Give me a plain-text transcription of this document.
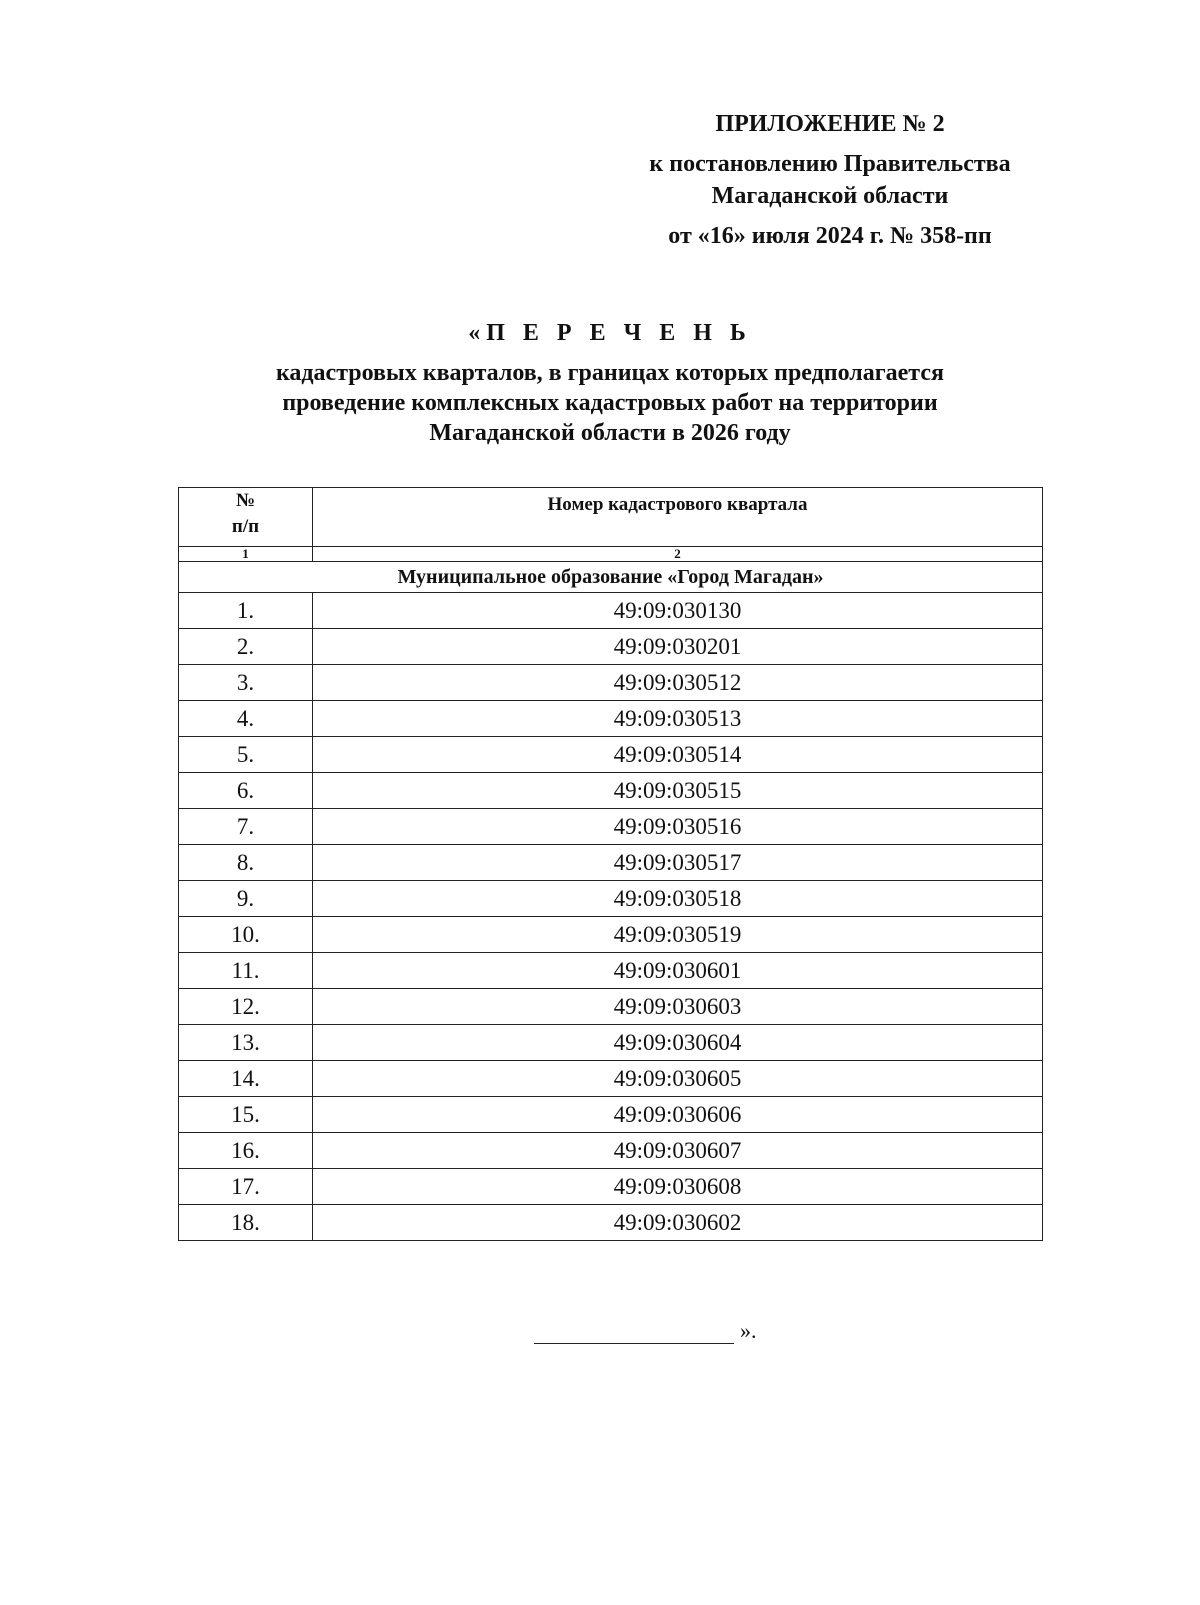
ПРИЛОЖЕНИЕ № 2
к постановлению Правительства
Магаданской области
от «16» июля 2024 г. № 358-пп
«П Е Р Е Ч Е Н Ь
кадастровых кварталов, в границах которых предполагается
проведение комплексных кадастровых работ на территории
Магаданской области в 2026 году
№
п/п	Номер кадастрового квартала
1	2
Муниципальное образование «Город Магадан»	
1.	49:09:030130
2.	49:09:030201
3.	49:09:030512
4.	49:09:030513
5.	49:09:030514
6.	49:09:030515
7.	49:09:030516
8.	49:09:030517
9.	49:09:030518
10.	49:09:030519
11.	49:09:030601
12.	49:09:030603
13.	49:09:030604
14.	49:09:030605
15.	49:09:030606
16.	49:09:030607
17.	49:09:030608
18.	49:09:030602
».
